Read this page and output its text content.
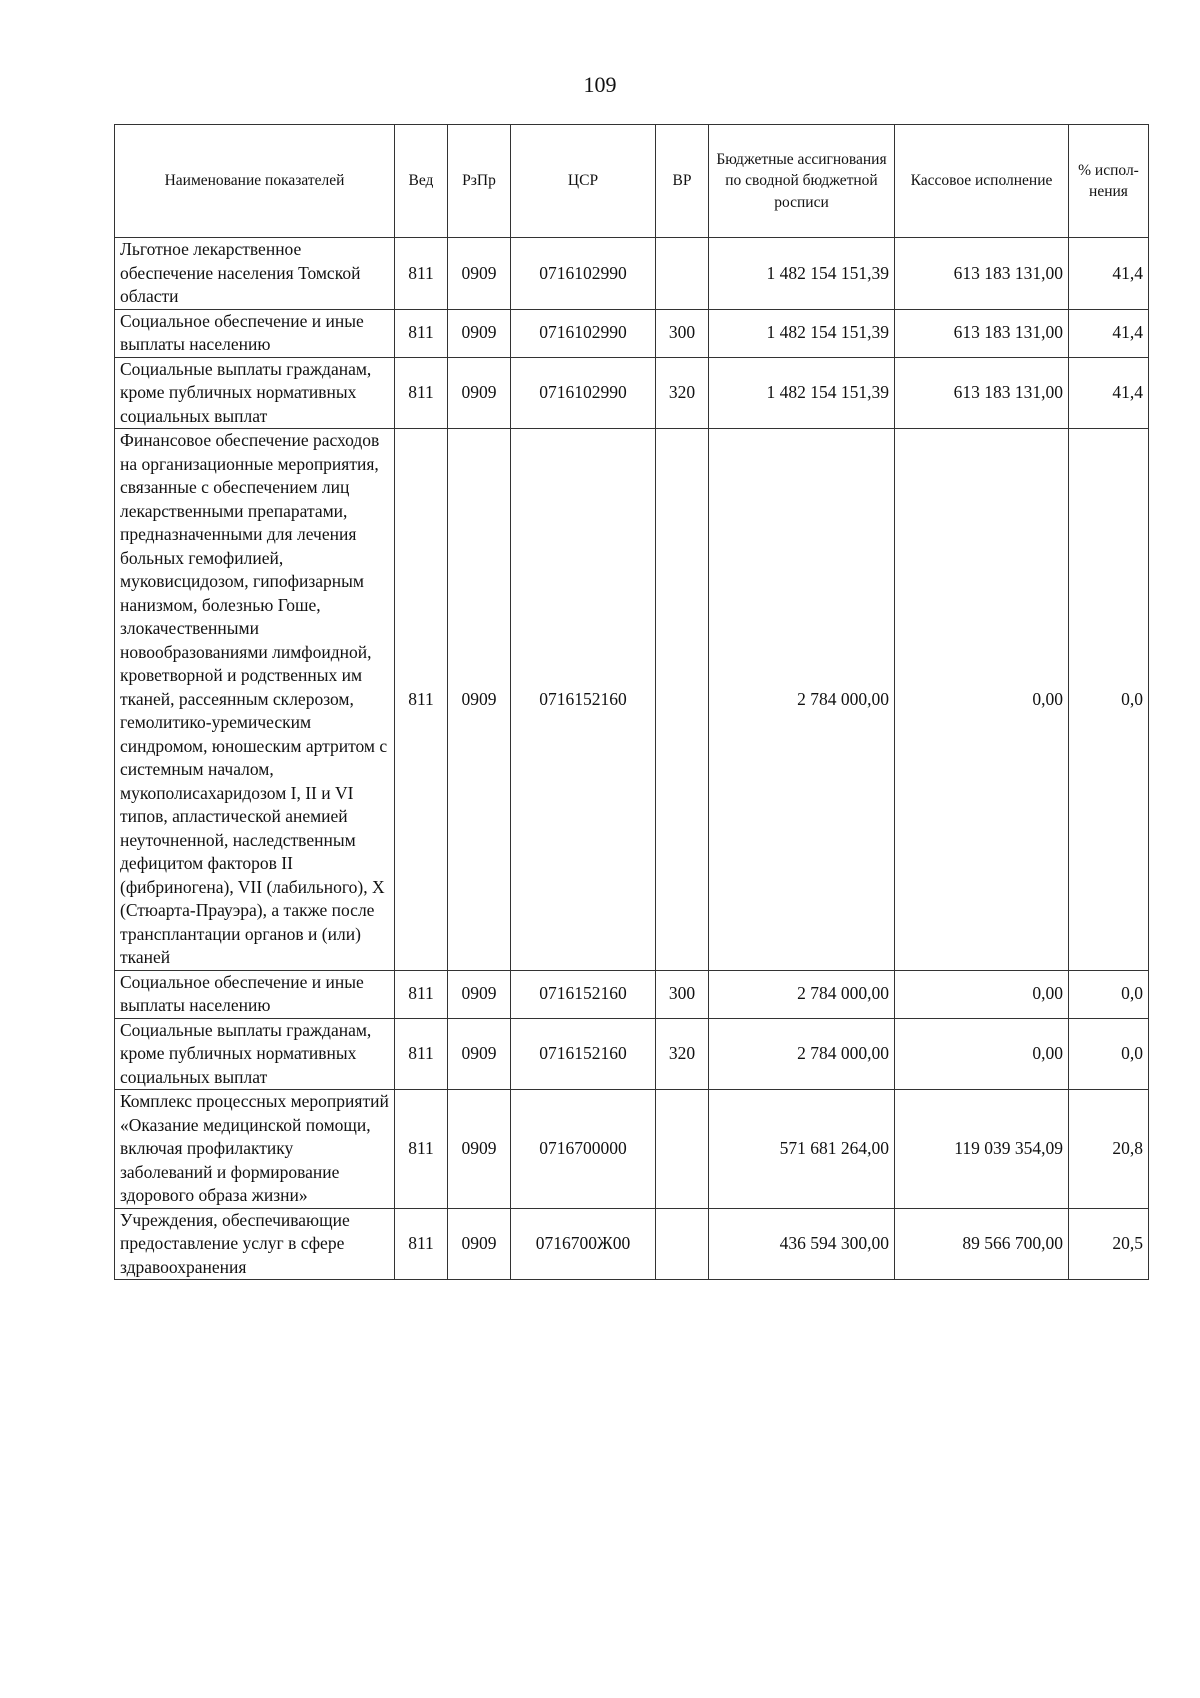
109
Наименование показателей	Вед	РзПр	ЦСР	ВР	Бюджетные ассигнования по сводной бюджетной росписи	Кассовое исполнение	% испол-нения
Льготное лекарственное обеспечение населения Томской области	811	0909	0716102990		1 482 154 151,39	613 183 131,00	41,4
Социальное обеспечение и иные выплаты населению	811	0909	0716102990	300	1 482 154 151,39	613 183 131,00	41,4
Социальные выплаты гражданам, кроме публичных нормативных социальных выплат	811	0909	0716102990	320	1 482 154 151,39	613 183 131,00	41,4
Финансовое обеспечение расходов на организационные мероприятия, связанные с обеспечением лиц лекарственными препаратами, предназначенными для лечения больных гемофилией, муковисцидозом, гипофизарным нанизмом, болезнью Гоше, злокачественными новообразованиями лимфоидной, кроветворной и родственных им тканей, рассеянным склерозом, гемолитико-уремическим синдромом, юношеским артритом с системным началом, мукополисахаридозом I, II и VI типов, апластической анемией неуточненной, наследственным дефицитом факторов II (фибриногена), VII (лабильного), X (Стюарта-Прауэра), а также после трансплантации органов и (или) тканей	811	0909	0716152160		2 784 000,00	0,00	0,0
Социальное обеспечение и иные выплаты населению	811	0909	0716152160	300	2 784 000,00	0,00	0,0
Социальные выплаты гражданам, кроме публичных нормативных социальных выплат	811	0909	0716152160	320	2 784 000,00	0,00	0,0
Комплекс процессных мероприятий «Оказание медицинской помощи, включая профилактику заболеваний и формирование здорового образа жизни»	811	0909	0716700000		571 681 264,00	119 039 354,09	20,8
Учреждения, обеспечивающие предоставление услуг в сфере здравоохранения	811	0909	0716700Ж00		436 594 300,00	89 566 700,00	20,5
